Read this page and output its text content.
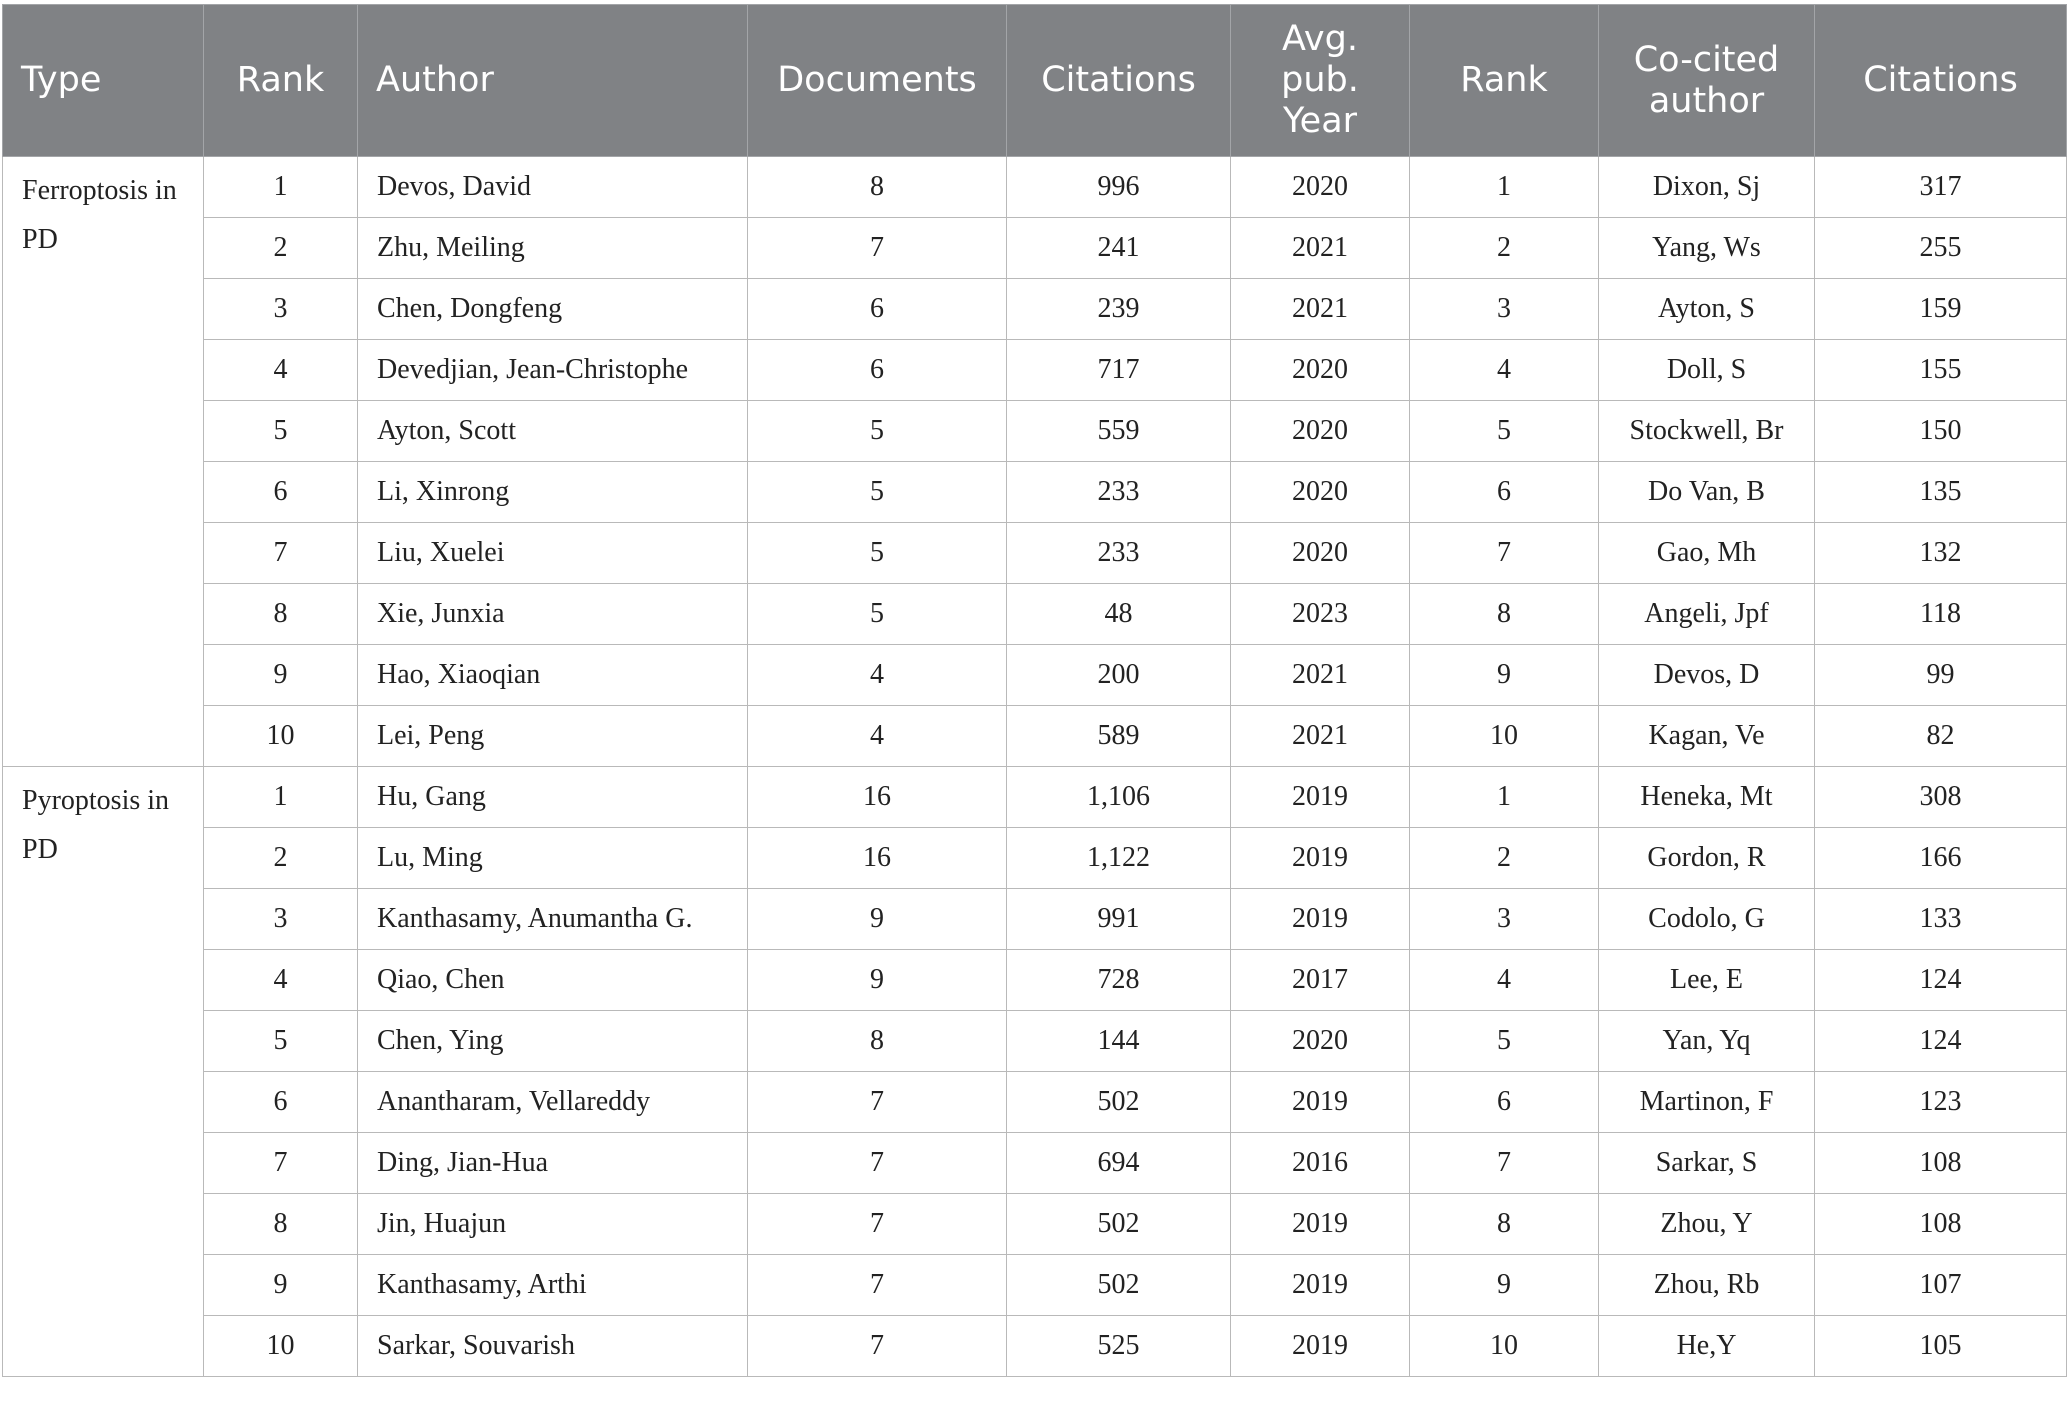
Type	Rank	Author	Documents	Citations	Avg. pub. Year	Rank	Co-cited author	Citations
Ferroptosis in PD	1	Devos, David	8	996	2020	1	Dixon, Sj	317
	2	Zhu, Meiling	7	241	2021	2	Yang, Ws	255
	3	Chen, Dongfeng	6	239	2021	3	Ayton, S	159
	4	Devedjian, Jean-Christophe	6	717	2020	4	Doll, S	155
	5	Ayton, Scott	5	559	2020	5	Stockwell, Br	150
	6	Li, Xinrong	5	233	2020	6	Do Van, B	135
	7	Liu, Xuelei	5	233	2020	7	Gao, Mh	132
	8	Xie, Junxia	5	48	2023	8	Angeli, Jpf	118
	9	Hao, Xiaoqian	4	200	2021	9	Devos, D	99
	10	Lei, Peng	4	589	2021	10	Kagan, Ve	82
Pyroptosis in PD	1	Hu, Gang	16	1,106	2019	1	Heneka, Mt	308
	2	Lu, Ming	16	1,122	2019	2	Gordon, R	166
	3	Kanthasamy, Anumantha G.	9	991	2019	3	Codolo, G	133
	4	Qiao, Chen	9	728	2017	4	Lee, E	124
	5	Chen, Ying	8	144	2020	5	Yan, Yq	124
	6	Anantharam, Vellareddy	7	502	2019	6	Martinon, F	123
	7	Ding, Jian-Hua	7	694	2016	7	Sarkar, S	108
	8	Jin, Huajun	7	502	2019	8	Zhou, Y	108
	9	Kanthasamy, Arthi	7	502	2019	9	Zhou, Rb	107
	10	Sarkar, Souvarish	7	525	2019	10	He,Y	105
